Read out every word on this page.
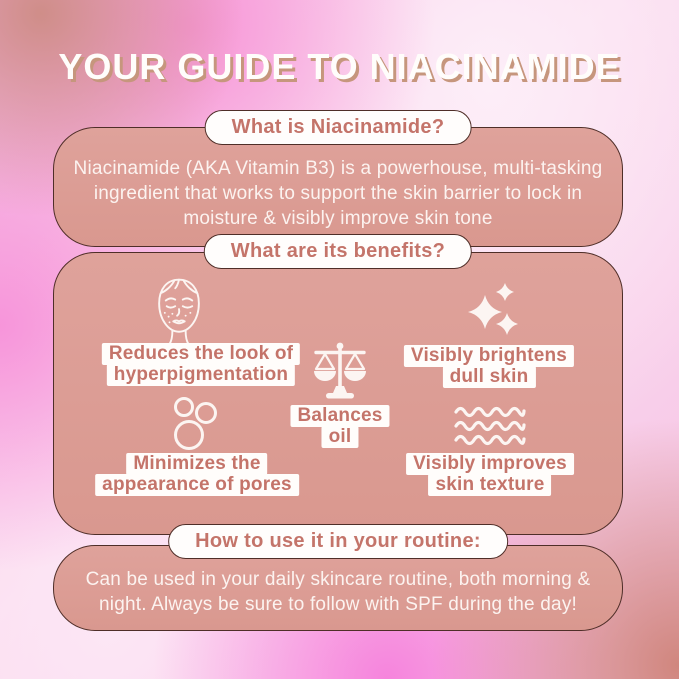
YOUR GUIDE TO NIACINAMIDE
What is Niacinamide?

Niacinamide (AKA Vitamin B3) is a powerhouse, multi-tasking ingredient that works to support the skin barrier to lock in moisture & visibly improve skin tone

What are its benefits?
Reduces the look of
hyperpigmentation
Visibly brightens
dull skin
Balances
oil
Minimizes the
appearance of pores
Visibly improves
skin texture
How to use it in your routine:

Can be used in your daily skincare routine, both morning & night. Always be sure to follow with SPF during the day!
